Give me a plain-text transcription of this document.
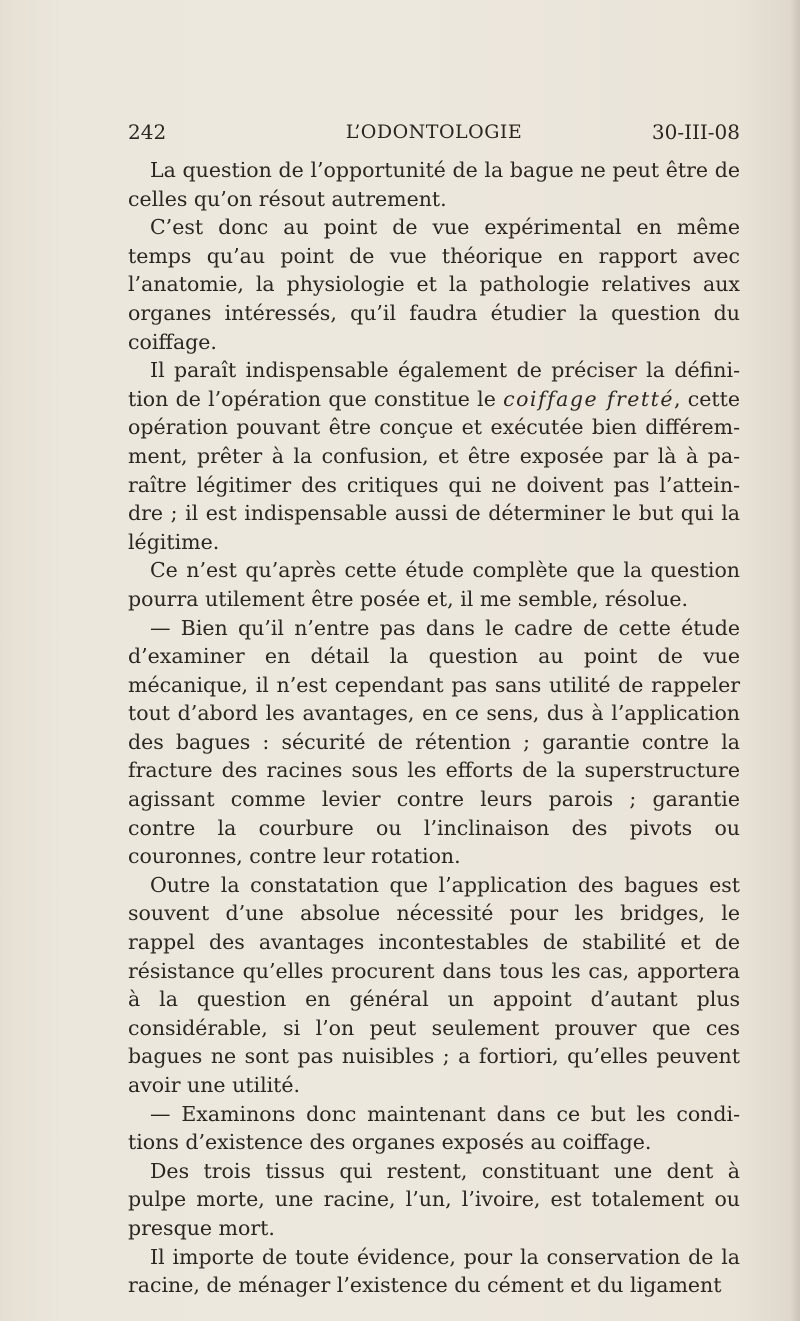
242	L’ODONTOLOGIE	30-III-08

La question de l’opportunité de la bague ne peut être de celles qu’on résout autrement.

C’est donc au point de vue expérimental en même temps qu’au point de vue théorique en rapport avec l’anatomie, la physiologie et la pathologie relatives aux organes intéressés, qu’il faudra étudier la question du coiffage.

Il paraît indispensable également de préciser la définition de l’opération que constitue le coiffage fretté, cette opération pouvant être conçue et exécutée bien différemment, prêter à la confusion, et être exposée par là à paraître légitimer des critiques qui ne doivent pas l’atteindre ; il est indispensable aussi de déterminer le but qui la légitime.

Ce n’est qu’après cette étude complète que la question pourra utilement être posée et, il me semble, résolue.

— Bien qu’il n’entre pas dans le cadre de cette étude d’examiner en détail la question au point de vue mécanique, il n’est cependant pas sans utilité de rappeler tout d’abord les avantages, en ce sens, dus à l’application des bagues : sécurité de rétention ; garantie contre la fracture des racines sous les efforts de la superstructure agissant comme levier contre leurs parois ; garantie contre la courbure ou l’inclinaison des pivots ou couronnes, contre leur rotation.

Outre la constatation que l’application des bagues est souvent d’une absolue nécessité pour les bridges, le rappel des avantages incontestables de stabilité et de résistance qu’elles procurent dans tous les cas, apportera à la question en général un appoint d’autant plus considérable, si l’on peut seulement prouver que ces bagues ne sont pas nuisibles ; a fortiori, qu’elles peuvent avoir une utilité.

— Examinons donc maintenant dans ce but les conditions d’existence des organes exposés au coiffage.

Des trois tissus qui restent, constituant une dent à pulpe morte, une racine, l’un, l’ivoire, est totalement ou presque mort.

Il importe de toute évidence, pour la conservation de la racine, de ménager l’existence du cément et du ligament
